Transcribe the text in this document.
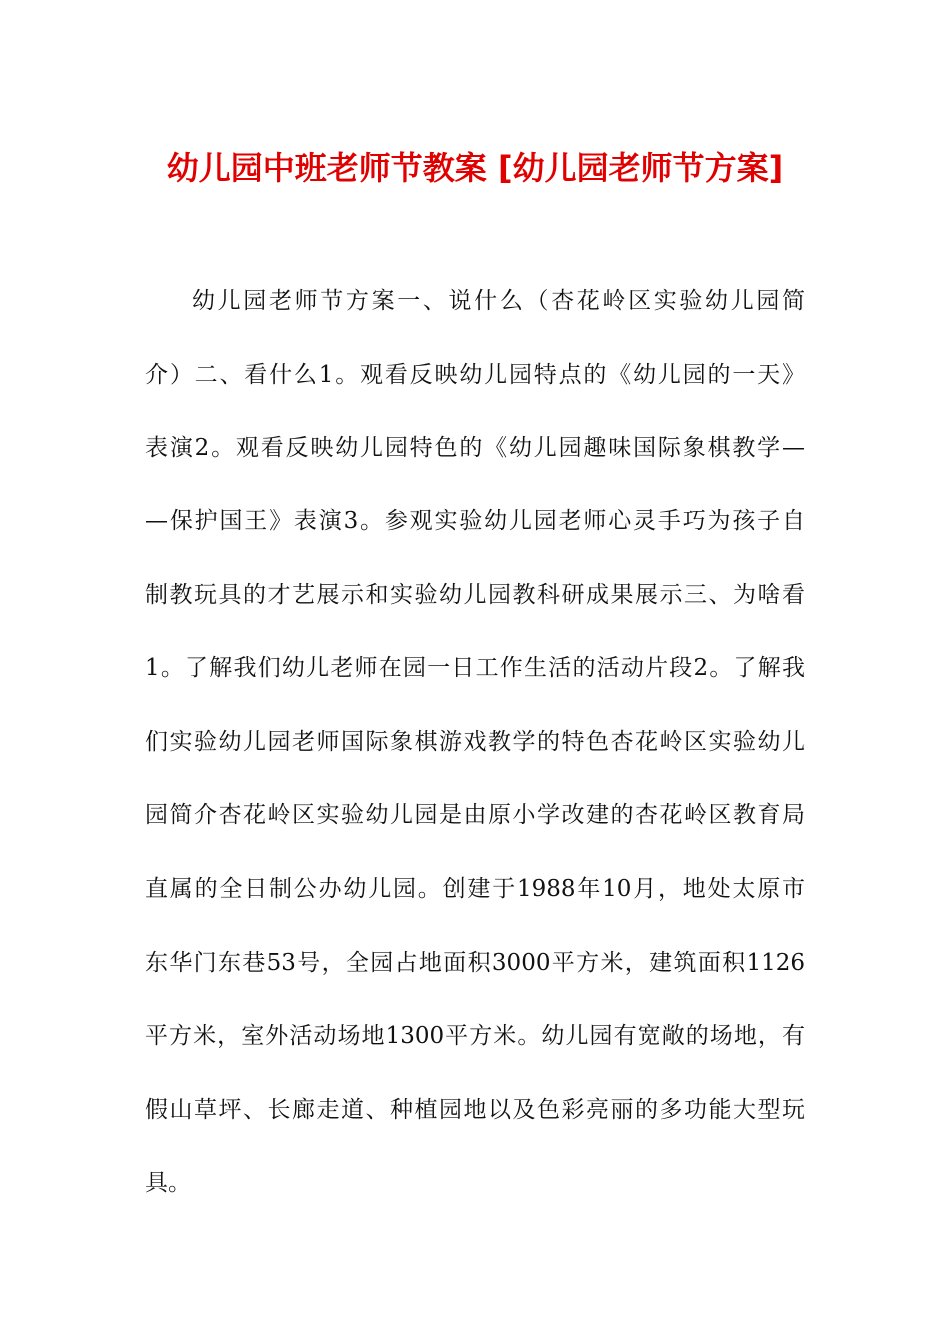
幼儿园中班老师节教案 [幼儿园老师节方案]
幼儿园老师节方案一、说什么（杏花岭区实验幼儿园简
介）二、看什么1。观看反映幼儿园特点的《幼儿园的一天》
表演2。观看反映幼儿园特色的《幼儿园趣味国际象棋教学—
—保护国王》表演3。参观实验幼儿园老师心灵手巧为孩子自
制教玩具的才艺展示和实验幼儿园教科研成果展示三、为啥看
1。了解我们幼儿老师在园一日工作生活的活动片段2。了解我
们实验幼儿园老师国际象棋游戏教学的特色杏花岭区实验幼儿
园简介杏花岭区实验幼儿园是由原小学改建的杏花岭区教育局
直属的全日制公办幼儿园。创建于1988年10月，地处太原市
东华门东巷53号，全园占地面积3000平方米，建筑面积1126
平方米，室外活动场地1300平方米。幼儿园有宽敞的场地，有
假山草坪、长廊走道、种植园地以及色彩亮丽的多功能大型玩
具。
